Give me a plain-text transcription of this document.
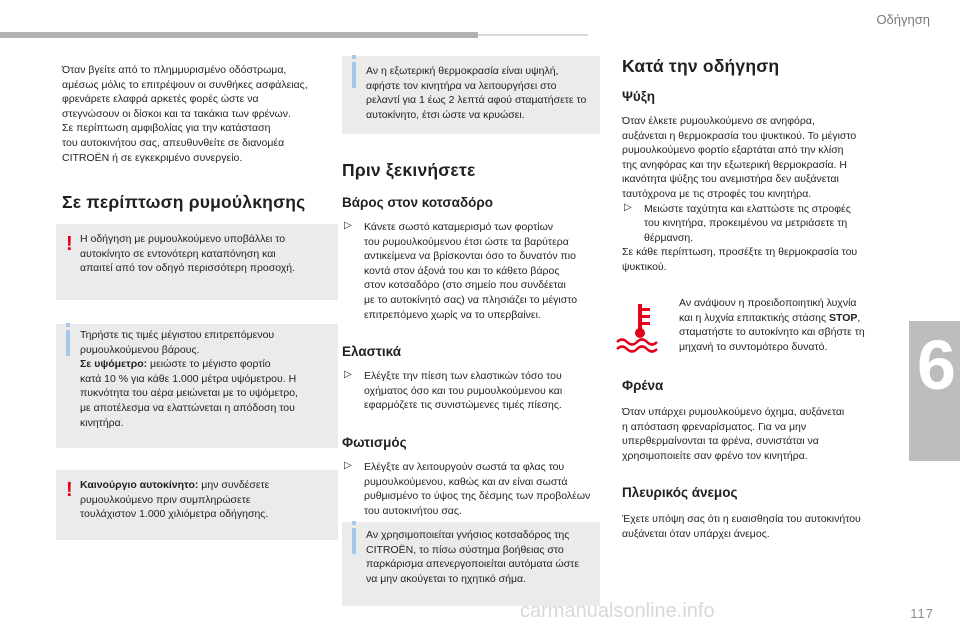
Οδήγηση
6

Όταν βγείτε από το πλημμυρισμένο οδόστρωμα,
αμέσως μόλις το επιτρέψουν οι συνθήκες ασφάλειας,
φρενάρετε ελαφρά αρκετές φορές ώστε να
στεγνώσουν οι δίσκοι και τα τακάκια των φρένων.
Σε περίπτωση αμφιβολίας για την κατάσταση
του αυτοκινήτου σας, απευθυνθείτε σε διανομέα
CITROËN ή σε εγκεκριμένο συνεργείο.

Σε περίπτωση ρυμούλκησης

! Η οδήγηση με ρυμουλκούμενο υποβάλλει το
αυτοκίνητο σε εντονότερη καταπόνηση και
απαιτεί από τον οδηγό περισσότερη προσοχή.

Τηρήστε τις τιμές μέγιστου επιτρεπόμενου
ρυμουλκούμενου βάρους.
Σε υψόμετρο: μειώστε το μέγιστο φορτίο
κατά 10 % για κάθε 1.000 μέτρα υψόμετρου. Η
πυκνότητα του αέρα μειώνεται με το υψόμετρο,
με αποτέλεσμα να ελαττώνεται η απόδοση του
κινητήρα.

! Καινούργιο αυτοκίνητο: μην συνδέσετε
ρυμουλκούμενο πριν συμπληρώσετε
τουλάχιστον 1.000 χιλιόμετρα οδήγησης.

Αν η εξωτερική θερμοκρασία είναι υψηλή,
αφήστε τον κινητήρα να λειτουργήσει στο
ρελαντί για 1 έως 2 λεπτά αφού σταματήσετε το
αυτοκίνητο, έτσι ώστε να κρυώσει.

Πριν ξεκινήσετε

Βάρος στον κοτσαδόρο

▷ Κάνετε σωστό καταμερισμό των φορτίων
του ρυμουλκούμενου έτσι ώστε τα βαρύτερα
αντικείμενα να βρίσκονται όσο το δυνατόν πιο
κοντά στον άξονά του και το κάθετο βάρος
στον κοτσαδόρο (στο σημείο που συνδέεται
με το αυτοκίνητό σας) να πλησιάζει το μέγιστο
επιτρεπόμενο χωρίς να το υπερβαίνει.

Ελαστικά

▷ Ελέγξτε την πίεση των ελαστικών τόσο του
οχήματος όσο και του ρυμουλκούμενου και
εφαρμόζετε τις συνιστώμενες τιμές πίεσης.

Φωτισμός

▷ Ελέγξτε αν λειτουργούν σωστά τα φλας του
ρυμουλκούμενου, καθώς και αν είναι σωστά
ρυθμισμένο το ύψος της δέσμης των προβολέων
του αυτοκινήτου σας.

Αν χρησιμοποιείται γνήσιος κοτσαδόρος της
CITROËN, το πίσω σύστημα βοήθειας στο
παρκάρισμα απενεργοποιείται αυτόματα ώστε
να μην ακούγεται το ηχητικό σήμα.

Κατά την οδήγηση

Ψύξη

Όταν έλκετε ρυμουλκούμενο σε ανηφόρα,
αυξάνεται η θερμοκρασία του ψυκτικού. Το μέγιστο
ρυμουλκούμενο φορτίο εξαρτάται από την κλίση
της ανηφόρας και την εξωτερική θερμοκρασία. Η
ικανότητα ψύξης του ανεμιστήρα δεν αυξάνεται
ταυτόχρονα με τις στροφές του κινητήρα.

▷ Μειώστε ταχύτητα και ελαττώστε τις στροφές
του κινητήρα, προκειμένου να μετριάσετε τη
θέρμανση.

Σε κάθε περίπτωση, προσέξτε τη θερμοκρασία του
ψυκτικού.

Αν ανάψουν η προειδοποιητική λυχνία
και η λυχνία επιτακτικής στάσης STOP,
σταματήστε το αυτοκίνητο και σβήστε τη
μηχανή το συντομότερο δυνατό.

Φρένα

Όταν υπάρχει ρυμουλκούμενο όχημα, αυξάνεται
η απόσταση φρεναρίσματος. Για να μην
υπερθερμαίνονται τα φρένα, συνιστάται να
χρησιμοποιείτε σαν φρένο τον κινητήρα.

Πλευρικός άνεμος

Έχετε υπόψη σας ότι η ευαισθησία του αυτοκινήτου
αυξάνεται όταν υπάρχει άνεμος.

carmanualsonline.info	117
